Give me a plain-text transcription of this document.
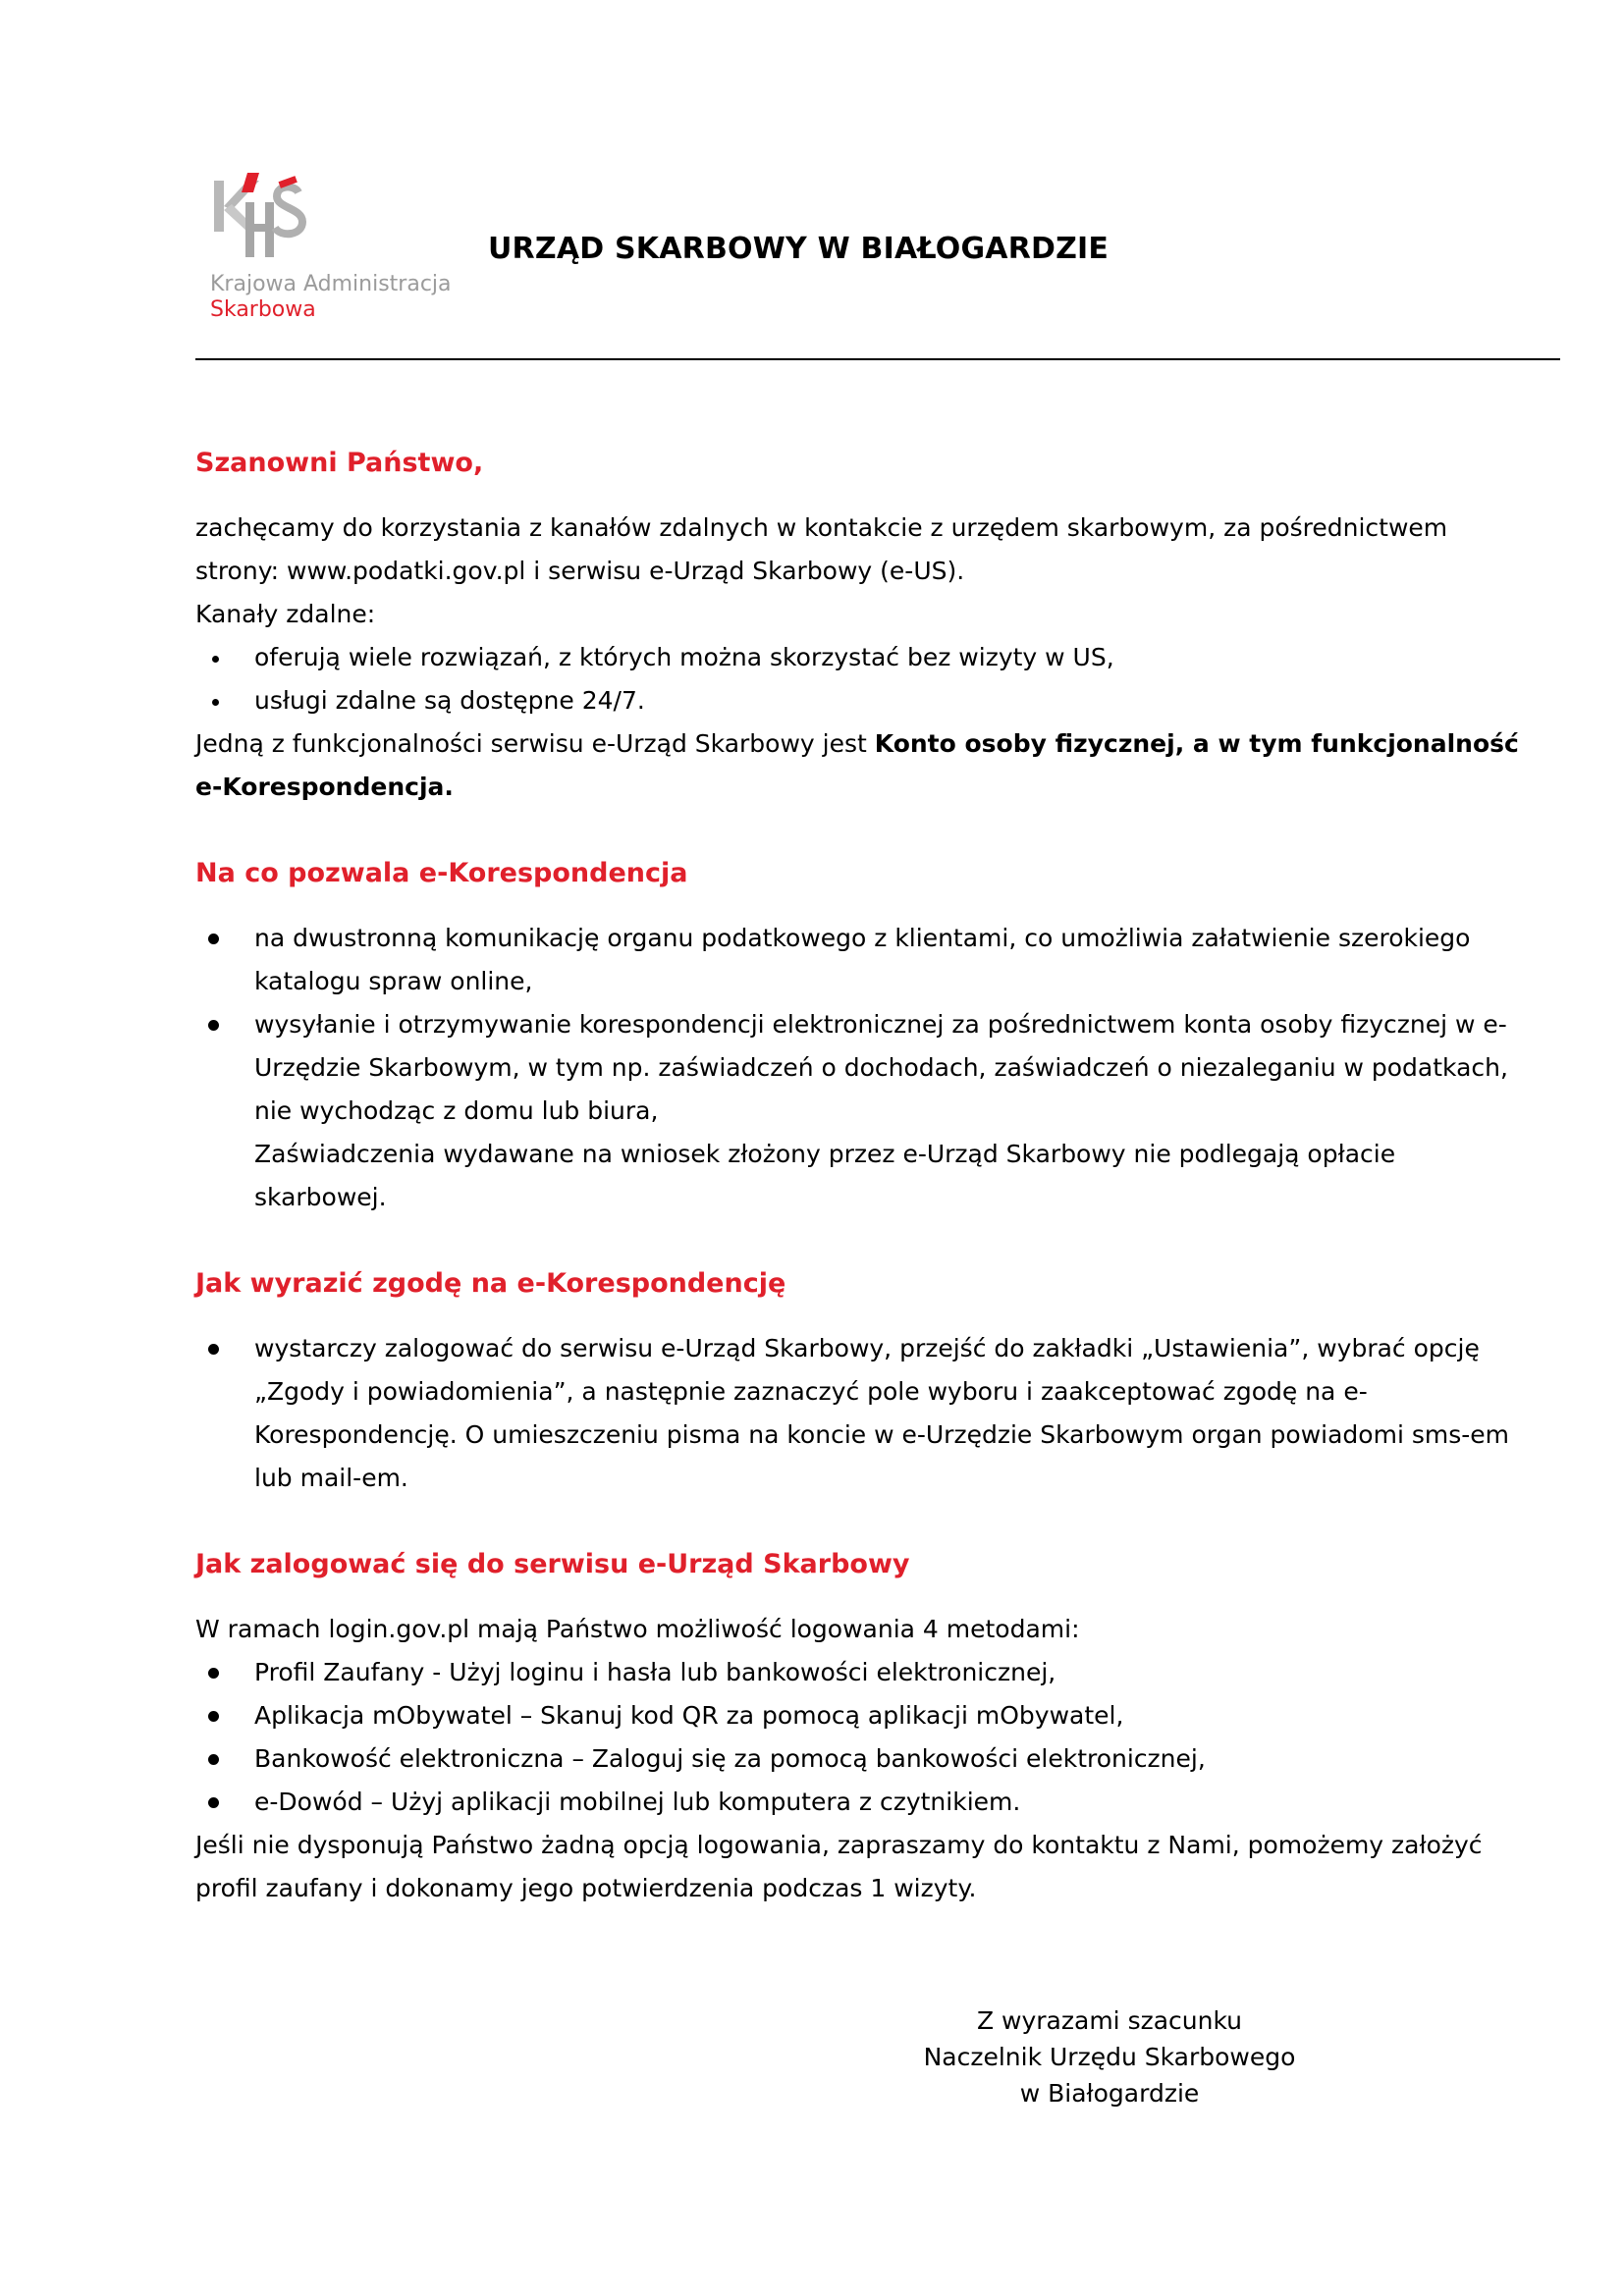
Krajowa Administracja
Skarbowa
URZĄD SKARBOWY W BIAŁOGARDZIE

Szanowni Państwo,

zachęcamy do korzystania z kanałów zdalnych w kontakcie z urzędem skarbowym, za pośrednictwem strony: www.podatki.gov.pl i serwisu e-Urząd Skarbowy (e-US).

Kanały zdalne:

oferują wiele rozwiązań, z których można skorzystać bez wizyty w US,
usługi zdalne są dostępne 24/7.

Jedną z funkcjonalności serwisu e-Urząd Skarbowy jest Konto osoby fizycznej, a w tym funkcjonalność e-Korespondencja.

Na co pozwala e-Korespondencja

na dwustronną komunikację organu podatkowego z klientami, co umożliwia załatwienie szerokiego katalogu spraw online,
wysyłanie i otrzymywanie korespondencji elektronicznej za pośrednictwem konta osoby fizycznej w e-Urzędzie Skarbowym, w tym np. zaświadczeń o dochodach, zaświadczeń o niezaleganiu w podatkach, nie wychodząc z domu lub biura,
Zaświadczenia wydawane na wniosek złożony przez e-Urząd Skarbowy nie podlegają opłacie skarbowej.

Jak wyrazić zgodę na e-Korespondencję

wystarczy zalogować do serwisu e-Urząd Skarbowy, przejść do zakładki „Ustawienia”, wybrać opcję „Zgody i powiadomienia”, a następnie zaznaczyć pole wyboru i zaakceptować zgodę na e-Korespondencję. O umieszczeniu pisma na koncie w e-Urzędzie Skarbowym organ powiadomi sms-em lub mail-em.

Jak zalogować się do serwisu e-Urząd Skarbowy

W ramach login.gov.pl mają Państwo możliwość logowania 4 metodami:

Profil Zaufany - Użyj loginu i hasła lub bankowości elektronicznej,
Aplikacja mObywatel – Skanuj kod QR za pomocą aplikacji mObywatel,
Bankowość elektroniczna – Zaloguj się za pomocą bankowości elektronicznej,
e-Dowód – Użyj aplikacji mobilnej lub komputera z czytnikiem.

Jeśli nie dysponują Państwo żadną opcją logowania, zapraszamy do kontaktu z Nami, pomożemy założyć profil zaufany i dokonamy jego potwierdzenia podczas 1 wizyty.

Z wyrazami szacunku
Naczelnik Urzędu Skarbowego
w Białogardzie
